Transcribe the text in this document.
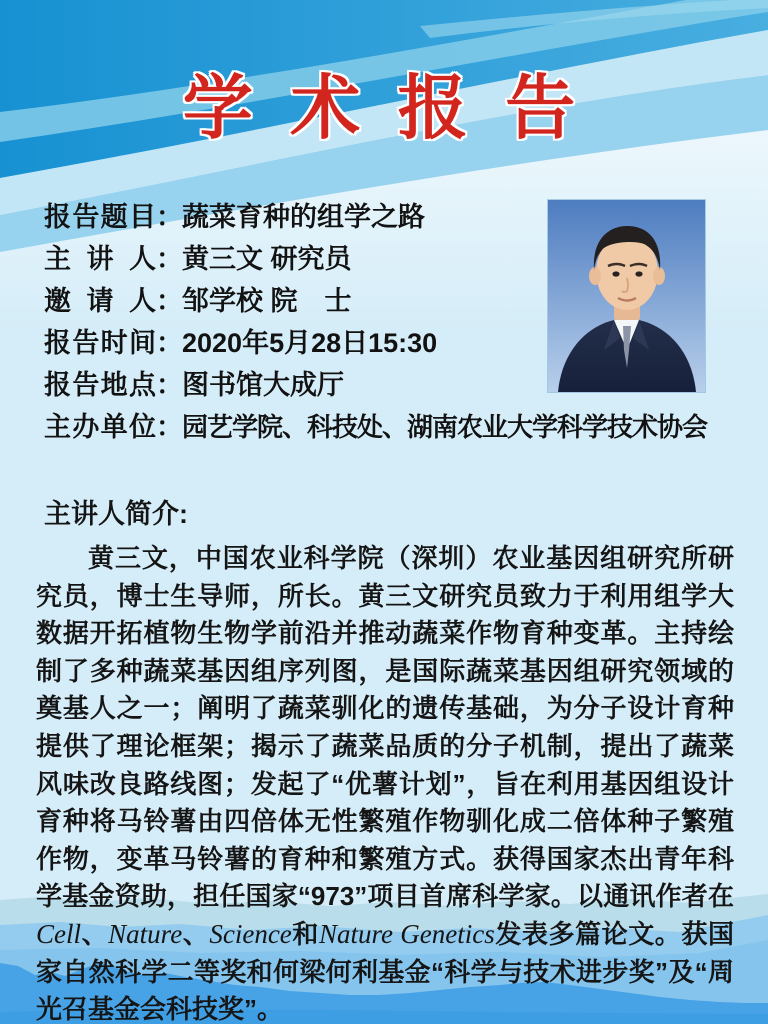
学 术 报 告
报告题目：蔬菜育种的组学之路
主 讲 人：黄三文 研究员
邀 请 人：邹学校 院　士
报告时间：2020年5月28日15:30
报告地点：图书馆大成厅
主办单位：园艺学院、科技处、湖南农业大学科学技术协会
主讲人简介:

黄三文，中国农业科学院（深圳）农业基因组研究所研究员，博士生导师，所长。黄三文研究员致力于利用组学大数据开拓植物生物学前沿并推动蔬菜作物育种变革。主持绘制了多种蔬菜基因组序列图，是国际蔬菜基因组研究领域的奠基人之一；阐明了蔬菜驯化的遗传基础，为分子设计育种提供了理论框架；揭示了蔬菜品质的分子机制，提出了蔬菜风味改良路线图；发起了“优薯计划”，旨在利用基因组设计育种将马铃薯由四倍体无性繁殖作物驯化成二倍体种子繁殖作物，变革马铃薯的育种和繁殖方式。获得国家杰出青年科学基金资助，担任国家“973”项目首席科学家。以通讯作者在Cell、Nature、Science和Nature Genetics发表多篇论文。获国家自然科学二等奖和何梁何利基金“科学与技术进步奖”及“周光召基金会科技奖”。
